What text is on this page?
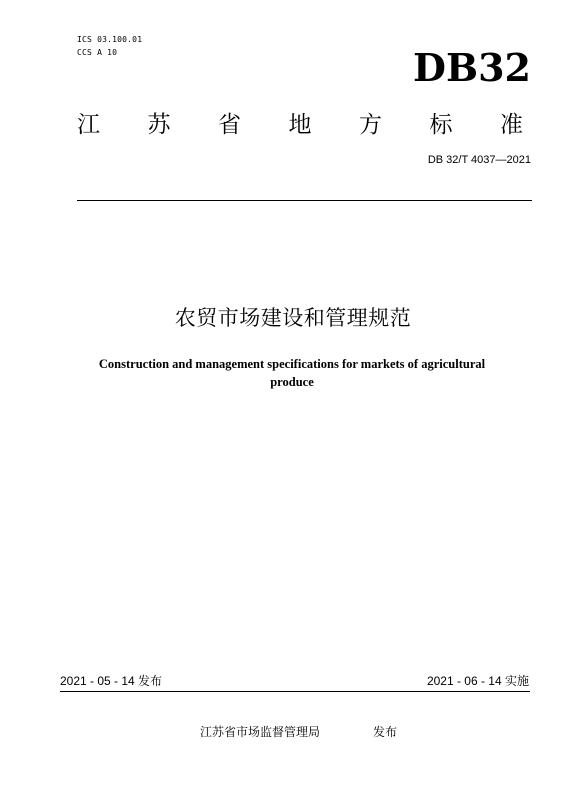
ICS 03.100.01
CCS A 10	DB32
江 苏 省 地 方 标 准
DB 32/T 4037—2021
农贸市场建设和管理规范
Construction and management specifications for markets of agricultural
produce
2021 - 05 - 14 发布	2021 - 06 - 14 实施
江苏省市场监督管理局	发布
